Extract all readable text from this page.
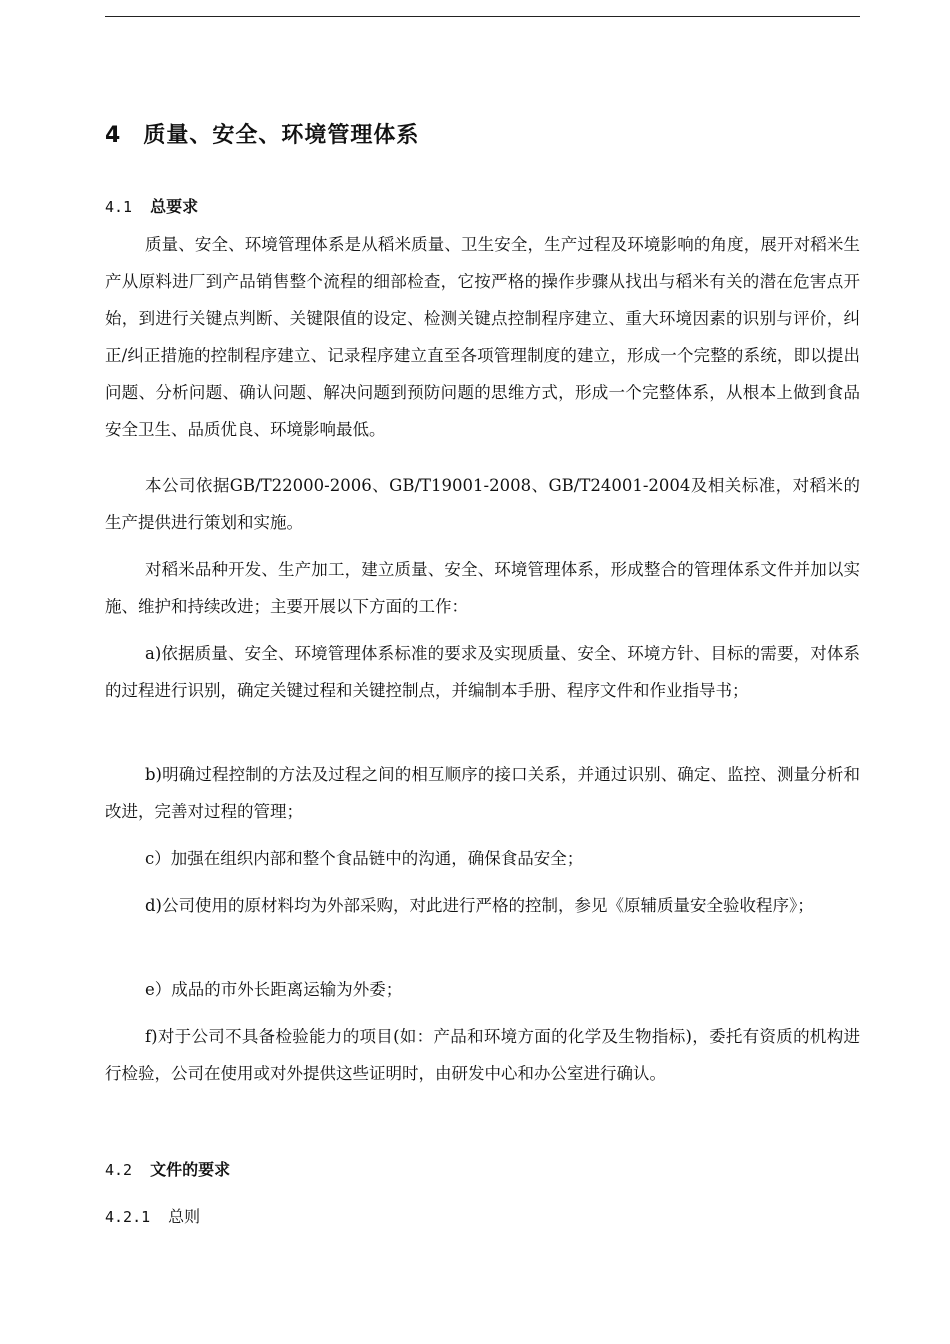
4 质量、安全、环境管理体系
4.1 总要求

质量、安全、环境管理体系是从稻米质量、卫生安全，生产过程及环境影响的角度，展开对稻米生产从原料进厂到产品销售整个流程的细部检查，它按严格的操作步骤从找出与稻米有关的潜在危害点开始，到进行关键点判断、关键限值的设定、检测关键点控制程序建立、重大环境因素的识别与评价，纠正/纠正措施的控制程序建立、记录程序建立直至各项管理制度的建立，形成一个完整的系统，即以提出问题、分析问题、确认问题、解决问题到预防问题的思维方式，形成一个完整体系，从根本上做到食品安全卫生、品质优良、环境影响最低。

本公司依据GB/T22000-2006、GB/T19001-2008、GB/T24001-2004及相关标准，对稻米的生产提供进行策划和实施。

对稻米品种开发、生产加工，建立质量、安全、环境管理体系，形成整合的管理体系文件并加以实施、维护和持续改进；主要开展以下方面的工作：

a)依据质量、安全、环境管理体系标准的要求及实现质量、安全、环境方针、目标的需要，对体系的过程进行识别，确定关键过程和关键控制点，并编制本手册、程序文件和作业指导书；

b)明确过程控制的方法及过程之间的相互顺序的接口关系，并通过识别、确定、监控、测量分析和改进，完善对过程的管理；

c）加强在组织内部和整个食品链中的沟通，确保食品安全；

d)公司使用的原材料均为外部采购，对此进行严格的控制，参见《原辅质量安全验收程序》；

e）成品的市外长距离运输为外委；

f)对于公司不具备检验能力的项目(如：产品和环境方面的化学及生物指标)，委托有资质的机构进行检验，公司在使用或对外提供这些证明时，由研发中心和办公室进行确认。

4.2 文件的要求
4.2.1 总则
